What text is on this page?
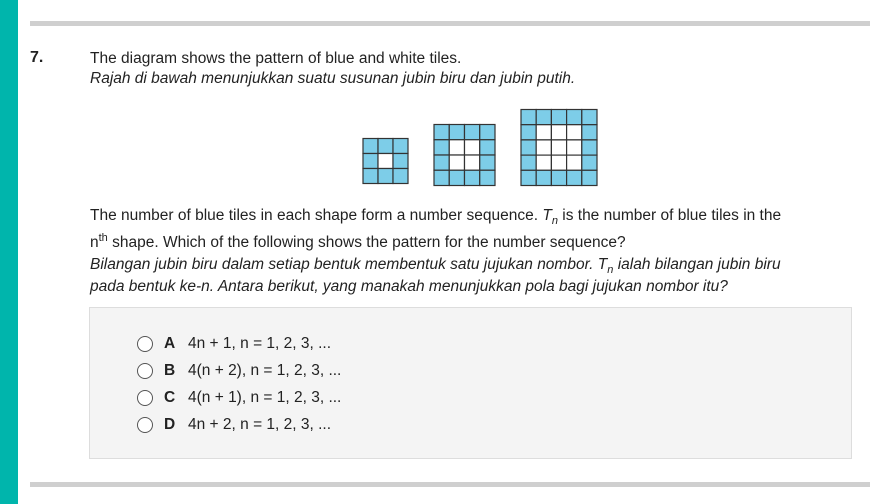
7.	The diagram shows the pattern of blue and white tiles.
Rajah di bawah menunjukkan suatu susunan jubin biru dan jubin putih.
The number of blue tiles in each shape form a number sequence. $T_n$ is the number of blue tiles in the
$n^{th}$ shape. Which of the following shows the pattern for the number sequence?
Bilangan jubin biru dalam setiap bentuk membentuk satu jujukan nombor. $T_n$ ialah bilangan jubin biru
pada bentuk ke-n. Antara berikut, yang manakah menunjukkan pola bagi jujukan nombor itu?
A 4n + 1, n = 1, 2, 3, ...
B 4(n + 2), n = 1, 2, 3, ...
C 4(n + 1), n = 1, 2, 3, ...
D 4n + 2, n = 1, 2, 3, ...
